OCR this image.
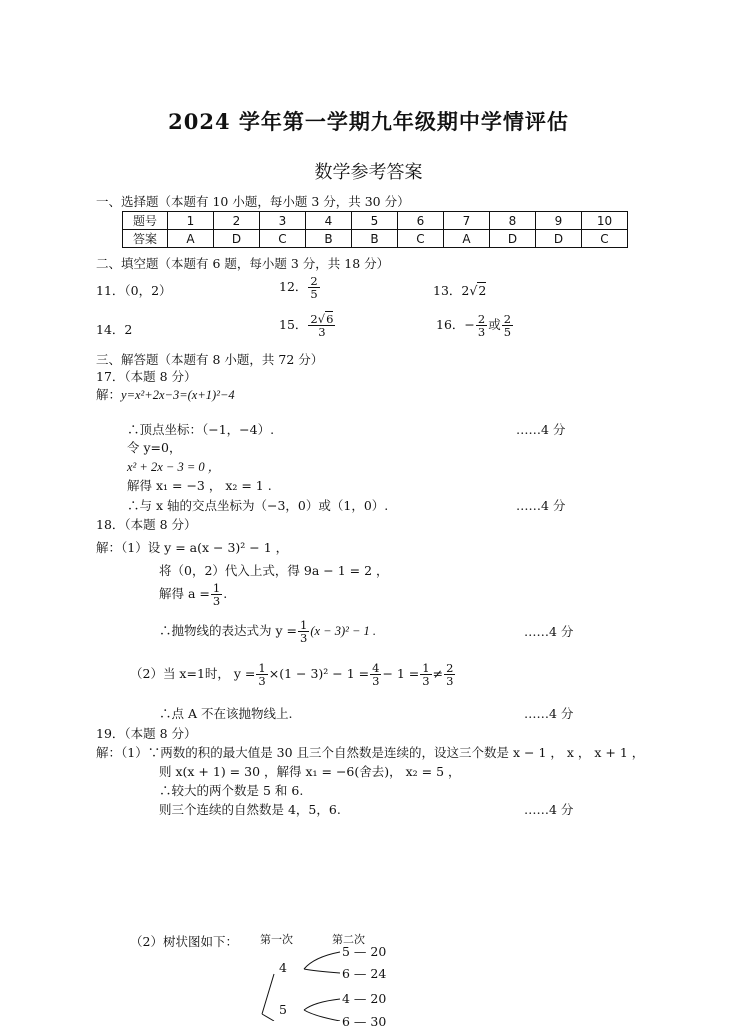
2024 学年第一学期九年级期中学情评估
数学参考答案
一、选择题（本题有 10 小题，每小题 3 分，共 30 分）
题号	1	2	3	4	5	6	7	8	9	10
答案	A	D	C	B	B	C	A	D	D	C
二、填空题（本题有 6 题，每小题 3 分，共 18 分）
11．（0，2）	12． $\frac{2}{5}$	13．2√2
14．2	15． $\frac{2√6}{3}$	16．− $\frac{2}{3}$ 或 $\frac{2}{5}$
三、解答题（本题有 8 小题，共 72 分）
17．（本题 8 分）
解：y=x²+2x−3=(x+1)²−4
∴顶点坐标：（−1，−4）.	……4 分
令 y=0，
x² + 2x − 3 = 0 ，
解得 x₁ = −3 ， x₂ = 1 .
∴与 x 轴的交点坐标为（−3，0）或（1，0）.	……4 分
18．（本题 8 分）
解：（1）设 y = a(x − 3)² − 1 ，
将（0，2）代入上式，得 9a − 1 = 2 ，
解得 $a = \frac{1}{3}$ .
∴抛物线的表达式为 $y = \frac{1}{3} (x - 3)^2 - 1$ .	……4 分
（2）当 x=1时， $y = \frac{1}{3} \times(1 - 3)^2 - 1 = \frac{4}{3} - 1 = \frac{1}{3} \ne \frac{2}{3}$
∴点 A 不在该抛物线上.	……4 分
19．（本题 8 分）
解：（1）∵两数的积的最大值是 30 且三个自然数是连续的，设这三个数是 x − 1 ， x ， x + 1 ，
则 x(x + 1) = 30 ，解得 x₁ = −6(舍去)， x₂ = 5 ，
∴较大的两个数是 5 和 6.
则三个连续的自然数是 4，5，6.	……4 分
（2）树状图如下： 第一次	第二次
4
5 — 20
6 — 24
5
4 — 20
6 — 30
